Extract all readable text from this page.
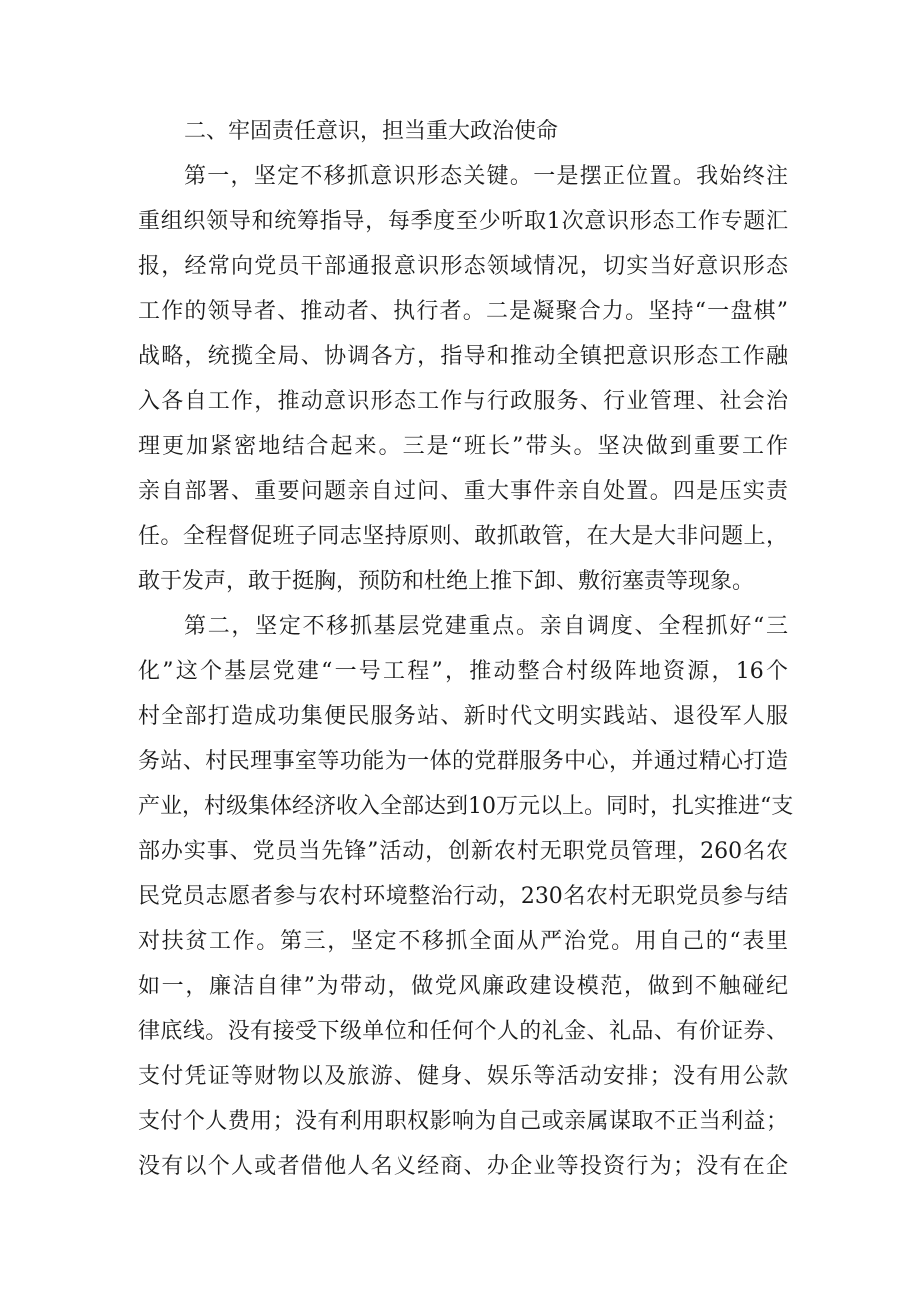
二、牢固责任意识，担当重大政治使命
第一，坚定不移抓意识形态关键。一是摆正位置。我始终注
重组织领导和统筹指导，每季度至少听取1次意识形态工作专题汇
报，经常向党员干部通报意识形态领域情况，切实当好意识形态
工作的领导者、推动者、执行者。二是凝聚合力。坚持“一盘棋”
战略，统揽全局、协调各方，指导和推动全镇把意识形态工作融
入各自工作，推动意识形态工作与行政服务、行业管理、社会治
理更加紧密地结合起来。三是“班长”带头。坚决做到重要工作
亲自部署、重要问题亲自过问、重大事件亲自处置。四是压实责
任。全程督促班子同志坚持原则、敢抓敢管，在大是大非问题上，
敢于发声，敢于挺胸，预防和杜绝上推下卸、敷衍塞责等现象。
第二，坚定不移抓基层党建重点。亲自调度、全程抓好“三
化”这个基层党建“一号工程”，推动整合村级阵地资源，16个
村全部打造成功集便民服务站、新时代文明实践站、退役军人服
务站、村民理事室等功能为一体的党群服务中心，并通过精心打造
产业，村级集体经济收入全部达到10万元以上。同时，扎实推进“支
部办实事、党员当先锋”活动，创新农村无职党员管理，260名农
民党员志愿者参与农村环境整治行动，230名农村无职党员参与结
对扶贫工作。第三，坚定不移抓全面从严治党。用自己的“表里
如一，廉洁自律”为带动，做党风廉政建设模范，做到不触碰纪
律底线。没有接受下级单位和任何个人的礼金、礼品、有价证券、
支付凭证等财物以及旅游、健身、娱乐等活动安排；没有用公款
支付个人费用；没有利用职权影响为自己或亲属谋取不正当利益；
没有以个人或者借他人名义经商、办企业等投资行为；没有在企
